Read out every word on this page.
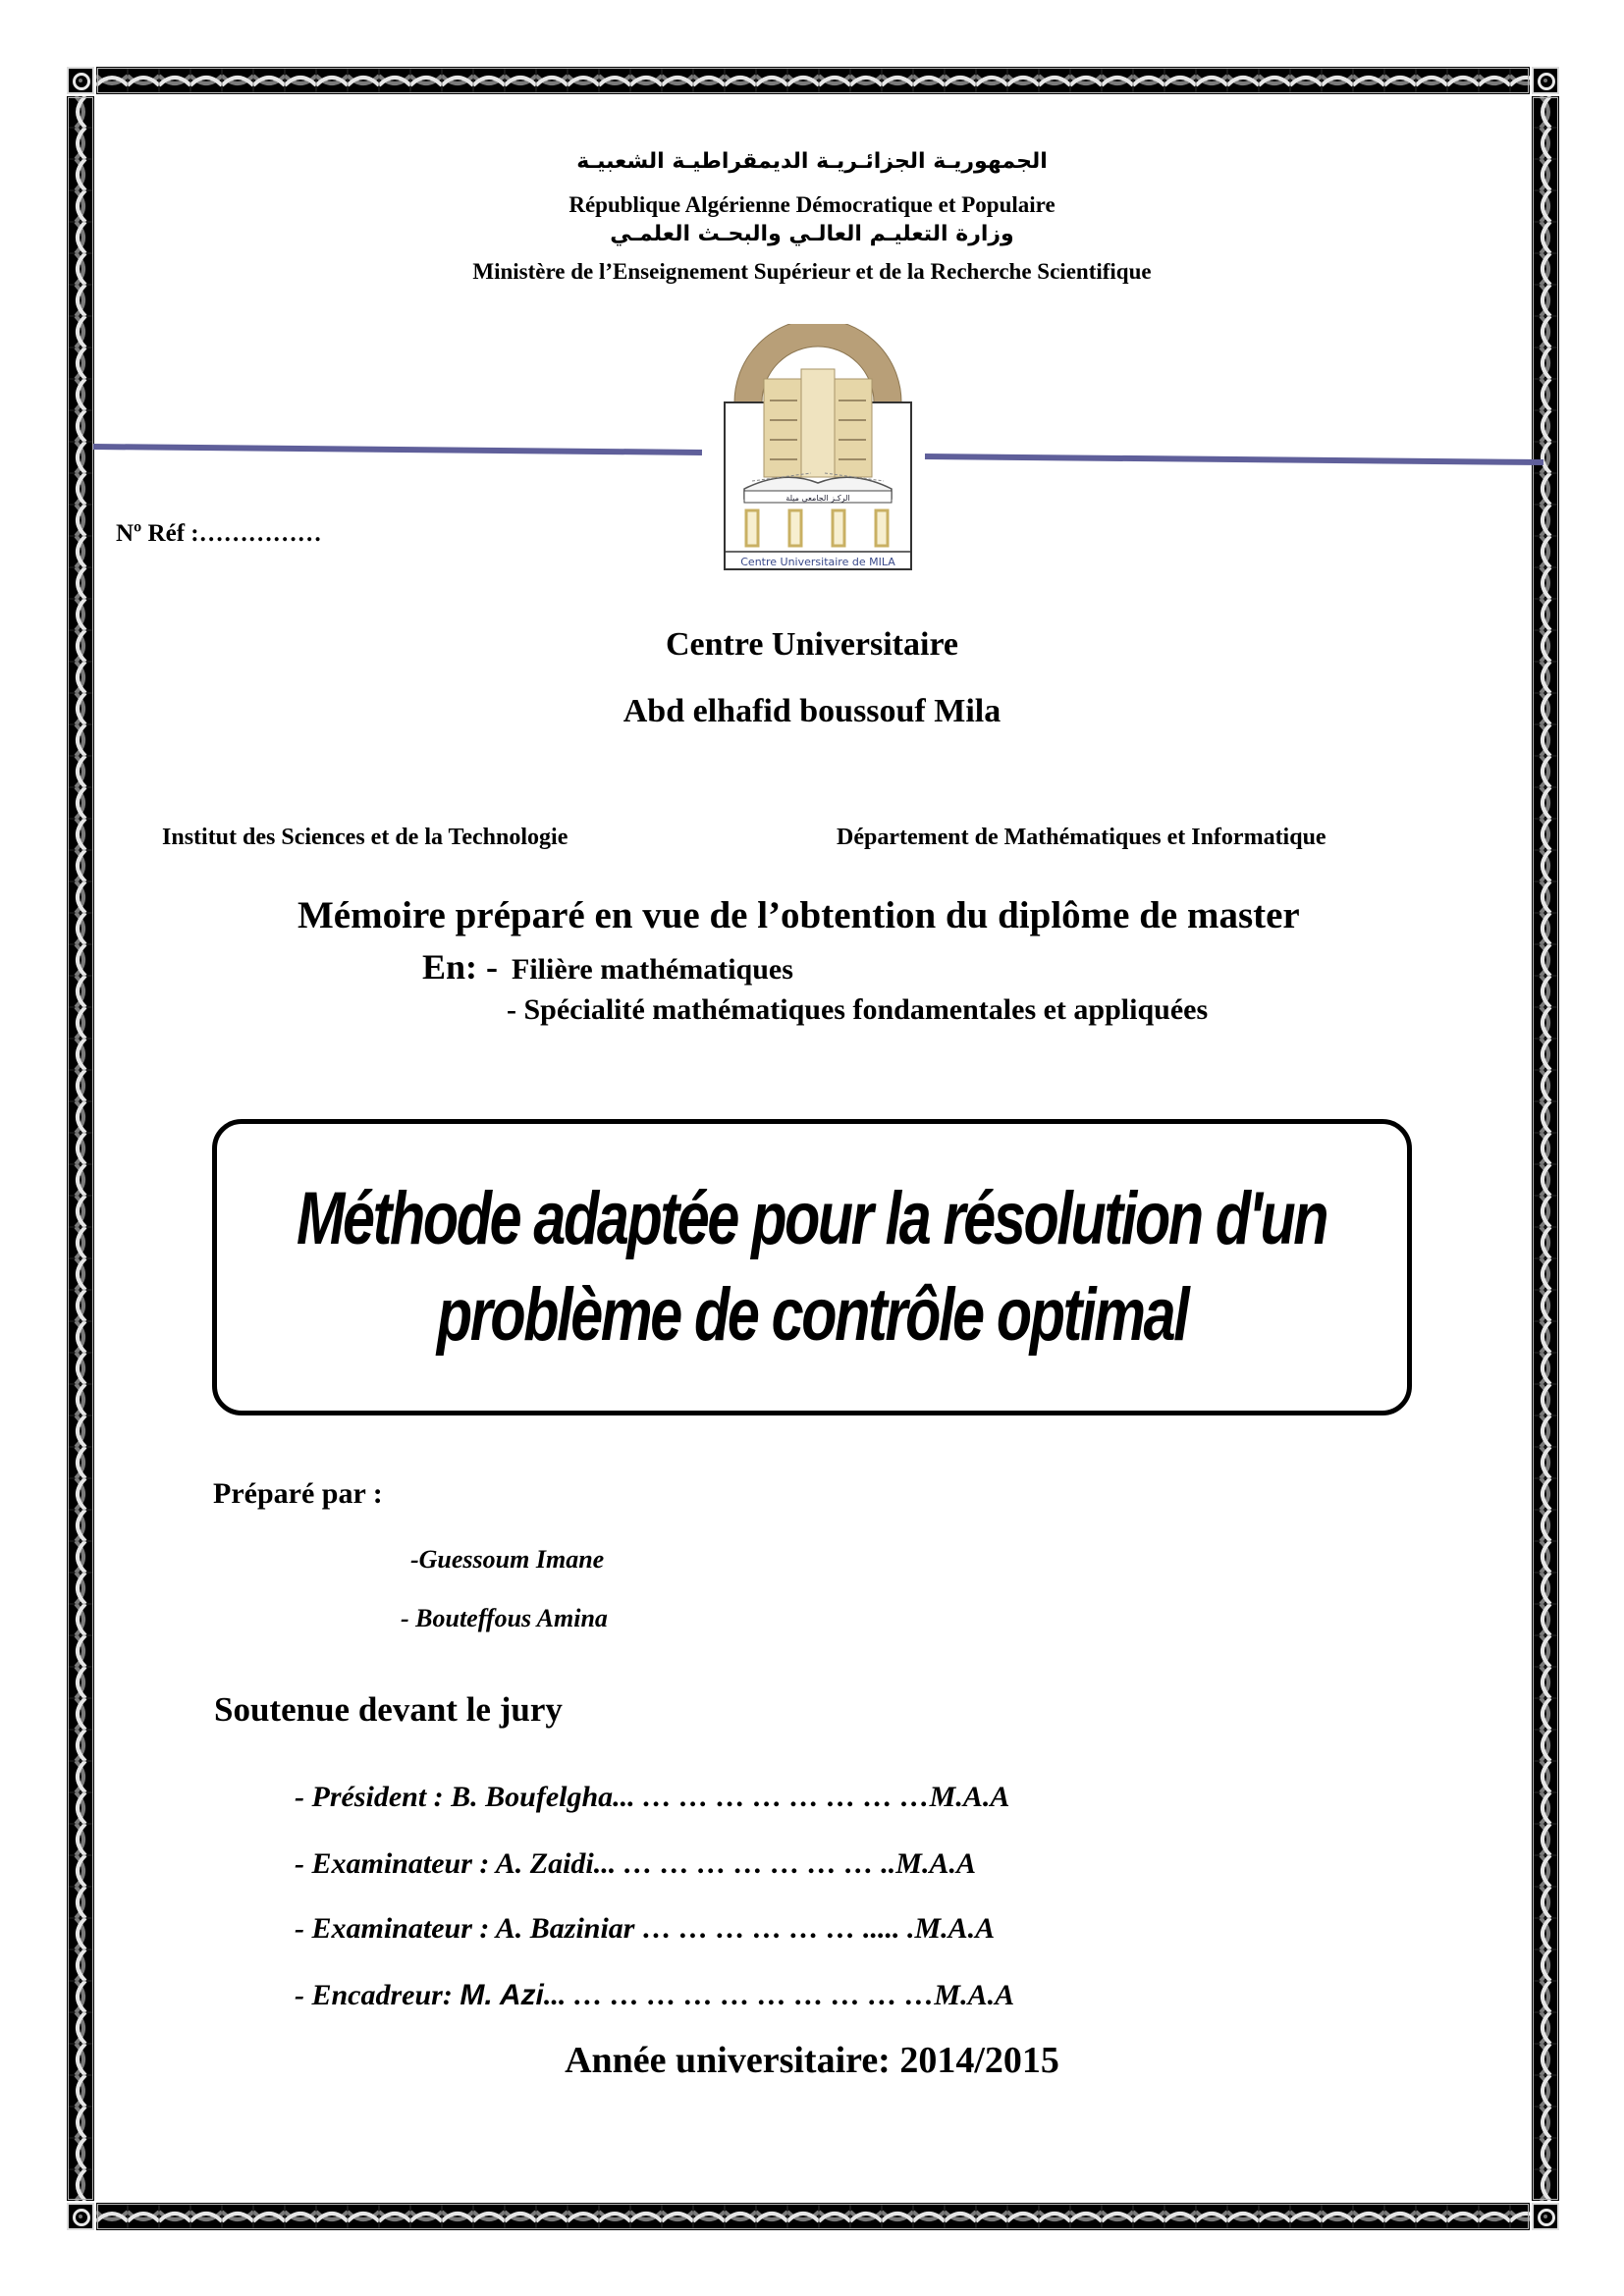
الجمهوريـة الجزائـريـة الديمقراطيـة الشعبيـة
République Algérienne Démocratique et Populaire
وزارة التعليـم العالـي والبحـث العلمـي
Ministère de l’Enseignement Supérieur et de la Recherche Scientifique
الركـز الجامعي ميلة
Centre Universitaire de MILA
Nº Réf :……………
Centre Universitaire
Abd elhafid boussouf Mila
Institut des Sciences et de la Technologie	Département de Mathématiques et Informatique
Mémoire préparé en vue de l’obtention du diplôme de master
En: - Filière mathématiques
- Spécialité mathématiques fondamentales et appliquées
Méthode adaptée pour la résolution d'un
problème de contrôle optimal
Préparé par :
-Guessoum Imane
- Bouteffous Amina
Soutenue devant le jury
- Président : B. Boufelgha... … … … … … … … …M.A.A
- Examinateur : A. Zaidi... … … … … … … … ..M.A.A
- Examinateur : A. Baziniar … … … … … … ..... .M.A.A
- Encadreur: M. Azi... … … … … … … … … … …M.A.A
Année universitaire: 2014/2015
